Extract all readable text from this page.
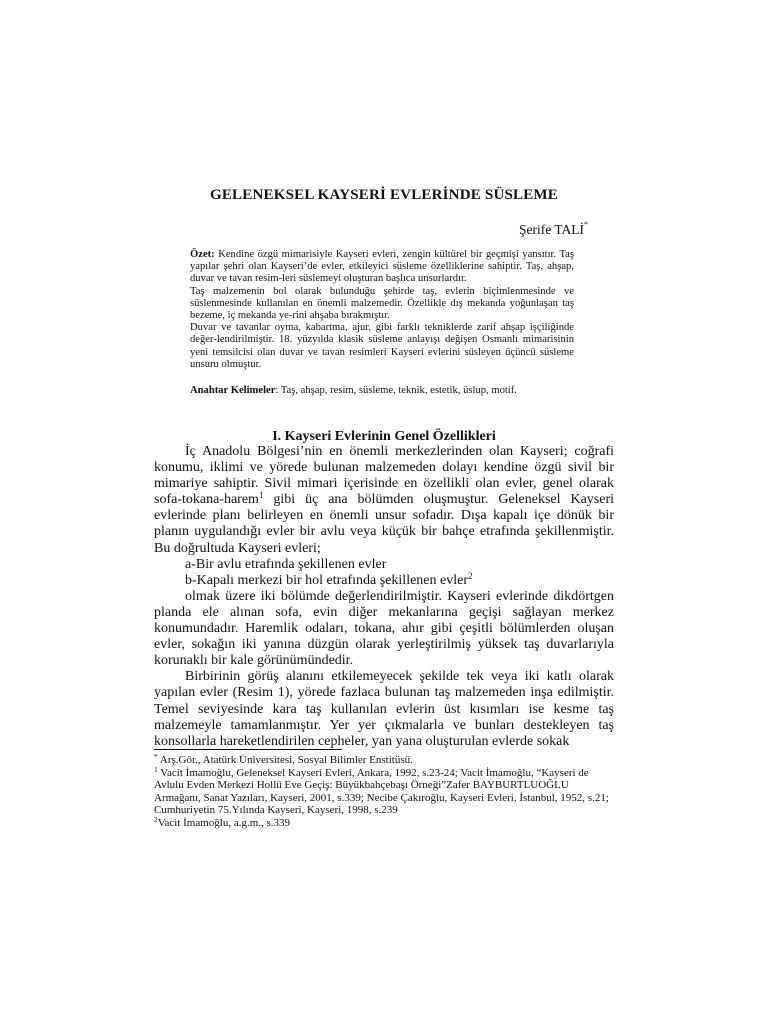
GELENEKSEL KAYSERİ EVLERİNDE SÜSLEME
Şerife TALİ*

Özet: Kendine özgü mimarisiyle Kayseri evleri, zengin kültürel bir geçmişi yansıtır. Taş yapılar şehri olan Kayseri’de evler, etkileyici süsleme özelliklerine sahiptir. Taş, ahşap, duvar ve tavan resim-leri süslemeyi oluşturan başlıca unsurlardır.

Taş malzemenin bol olarak bulunduğu şehirde taş, evlerin biçimlenmesinde ve süslenmesinde kullanılan en önemli malzemedir. Özellikle dış mekanda yoğunlaşan taş bezeme, iç mekanda ye-rini ahşaba bırakmıştır.

Duvar ve tavanlar oyma, kabartma, ajur, gibi farklı tekniklerde zarif ahşap işçiliğinde değer-lendirilmiştir. 18. yüzyılda klasik süsleme anlayışı değişen Osmanlı mimarisinin yeni temsilcisi olan duvar ve tavan resimleri Kayseri evlerini süsleyen üçüncü süsleme unsuru olmuştur.

Anahtar Kelimeler: Taş, ahşap, resim, süsleme, teknik, estetik, üslup, motif.

I. Kayseri Evlerinin Genel Özellikleri

İç Anadolu Bölgesi’nin en önemli merkezlerinden olan Kayseri; coğrafi konumu, iklimi ve yörede bulunan malzemeden dolayı kendine özgü sivil bir mimariye sahiptir. Sivil mimari içerisinde en özellikli olan evler, genel olarak sofa-tokana-harem$^1$ gibi üç ana bölümden oluşmuştur. Geleneksel Kayseri evlerinde planı belirleyen en önemli unsur sofadır. Dışa kapalı içe dönük bir planın uygulandığı evler bir avlu veya küçük bir bahçe etrafında şekillenmiştir. Bu doğrultuda Kayseri evleri;

a-Bir avlu etrafında şekillenen evler

b-Kapalı merkezi bir hol etrafında şekillenen evler$^2$

olmak üzere iki bölümde değerlendirilmiştir. Kayseri evlerinde dikdörtgen planda ele alınan sofa, evin diğer mekanlarına geçişi sağlayan merkez konumundadır. Haremlik odaları, tokana, ahır gibi çeşitli bölümlerden oluşan evler, sokağın iki yanına düzgün olarak yerleştirilmiş yüksek taş duvarlarıyla korunaklı bir kale görünümündedir.

Birbirinin görüş alanını etkilemeyecek şekilde tek veya iki katlı olarak yapılan evler (Resim 1), yörede fazlaca bulunan taş malzemeden inşa edilmiştir. Temel seviyesinde kara taş kullanılan evlerin üst kısımları ise kesme taş malzemeyle tamamlanmıştır. Yer yer çıkmalarla ve bunları destekleyen taş konsollarla hareketlendirilen cepheler, yan yana oluşturulan evlerde sokak

* Arş.Gör., Atatürk Üniversitesi, Sosyal Bilimler Enstitüsü.

$^1$ Vacit İmamoğlu, Geleneksel Kayseri Evleri, Ankara, 1992, s.23-24; Vacit İmamoğlu, “Kayseri de Avlulu Evden Merkezi Hollü Eve Geçiş: Büyükbahçebaşı Örneği”Zafer BAYBURTLUOĞLU Armağanı, Sanat Yazıları, Kayseri, 2001, s.339; Necibe Çakıroğlu, Kayseri Evleri, İstanbul, 1952, s.21; Cumhuriyetin 75.Yılında Kayseri, Kayseri, 1998, s.239

$^2$Vacit İmamoğlu, a.g.m., s.339
